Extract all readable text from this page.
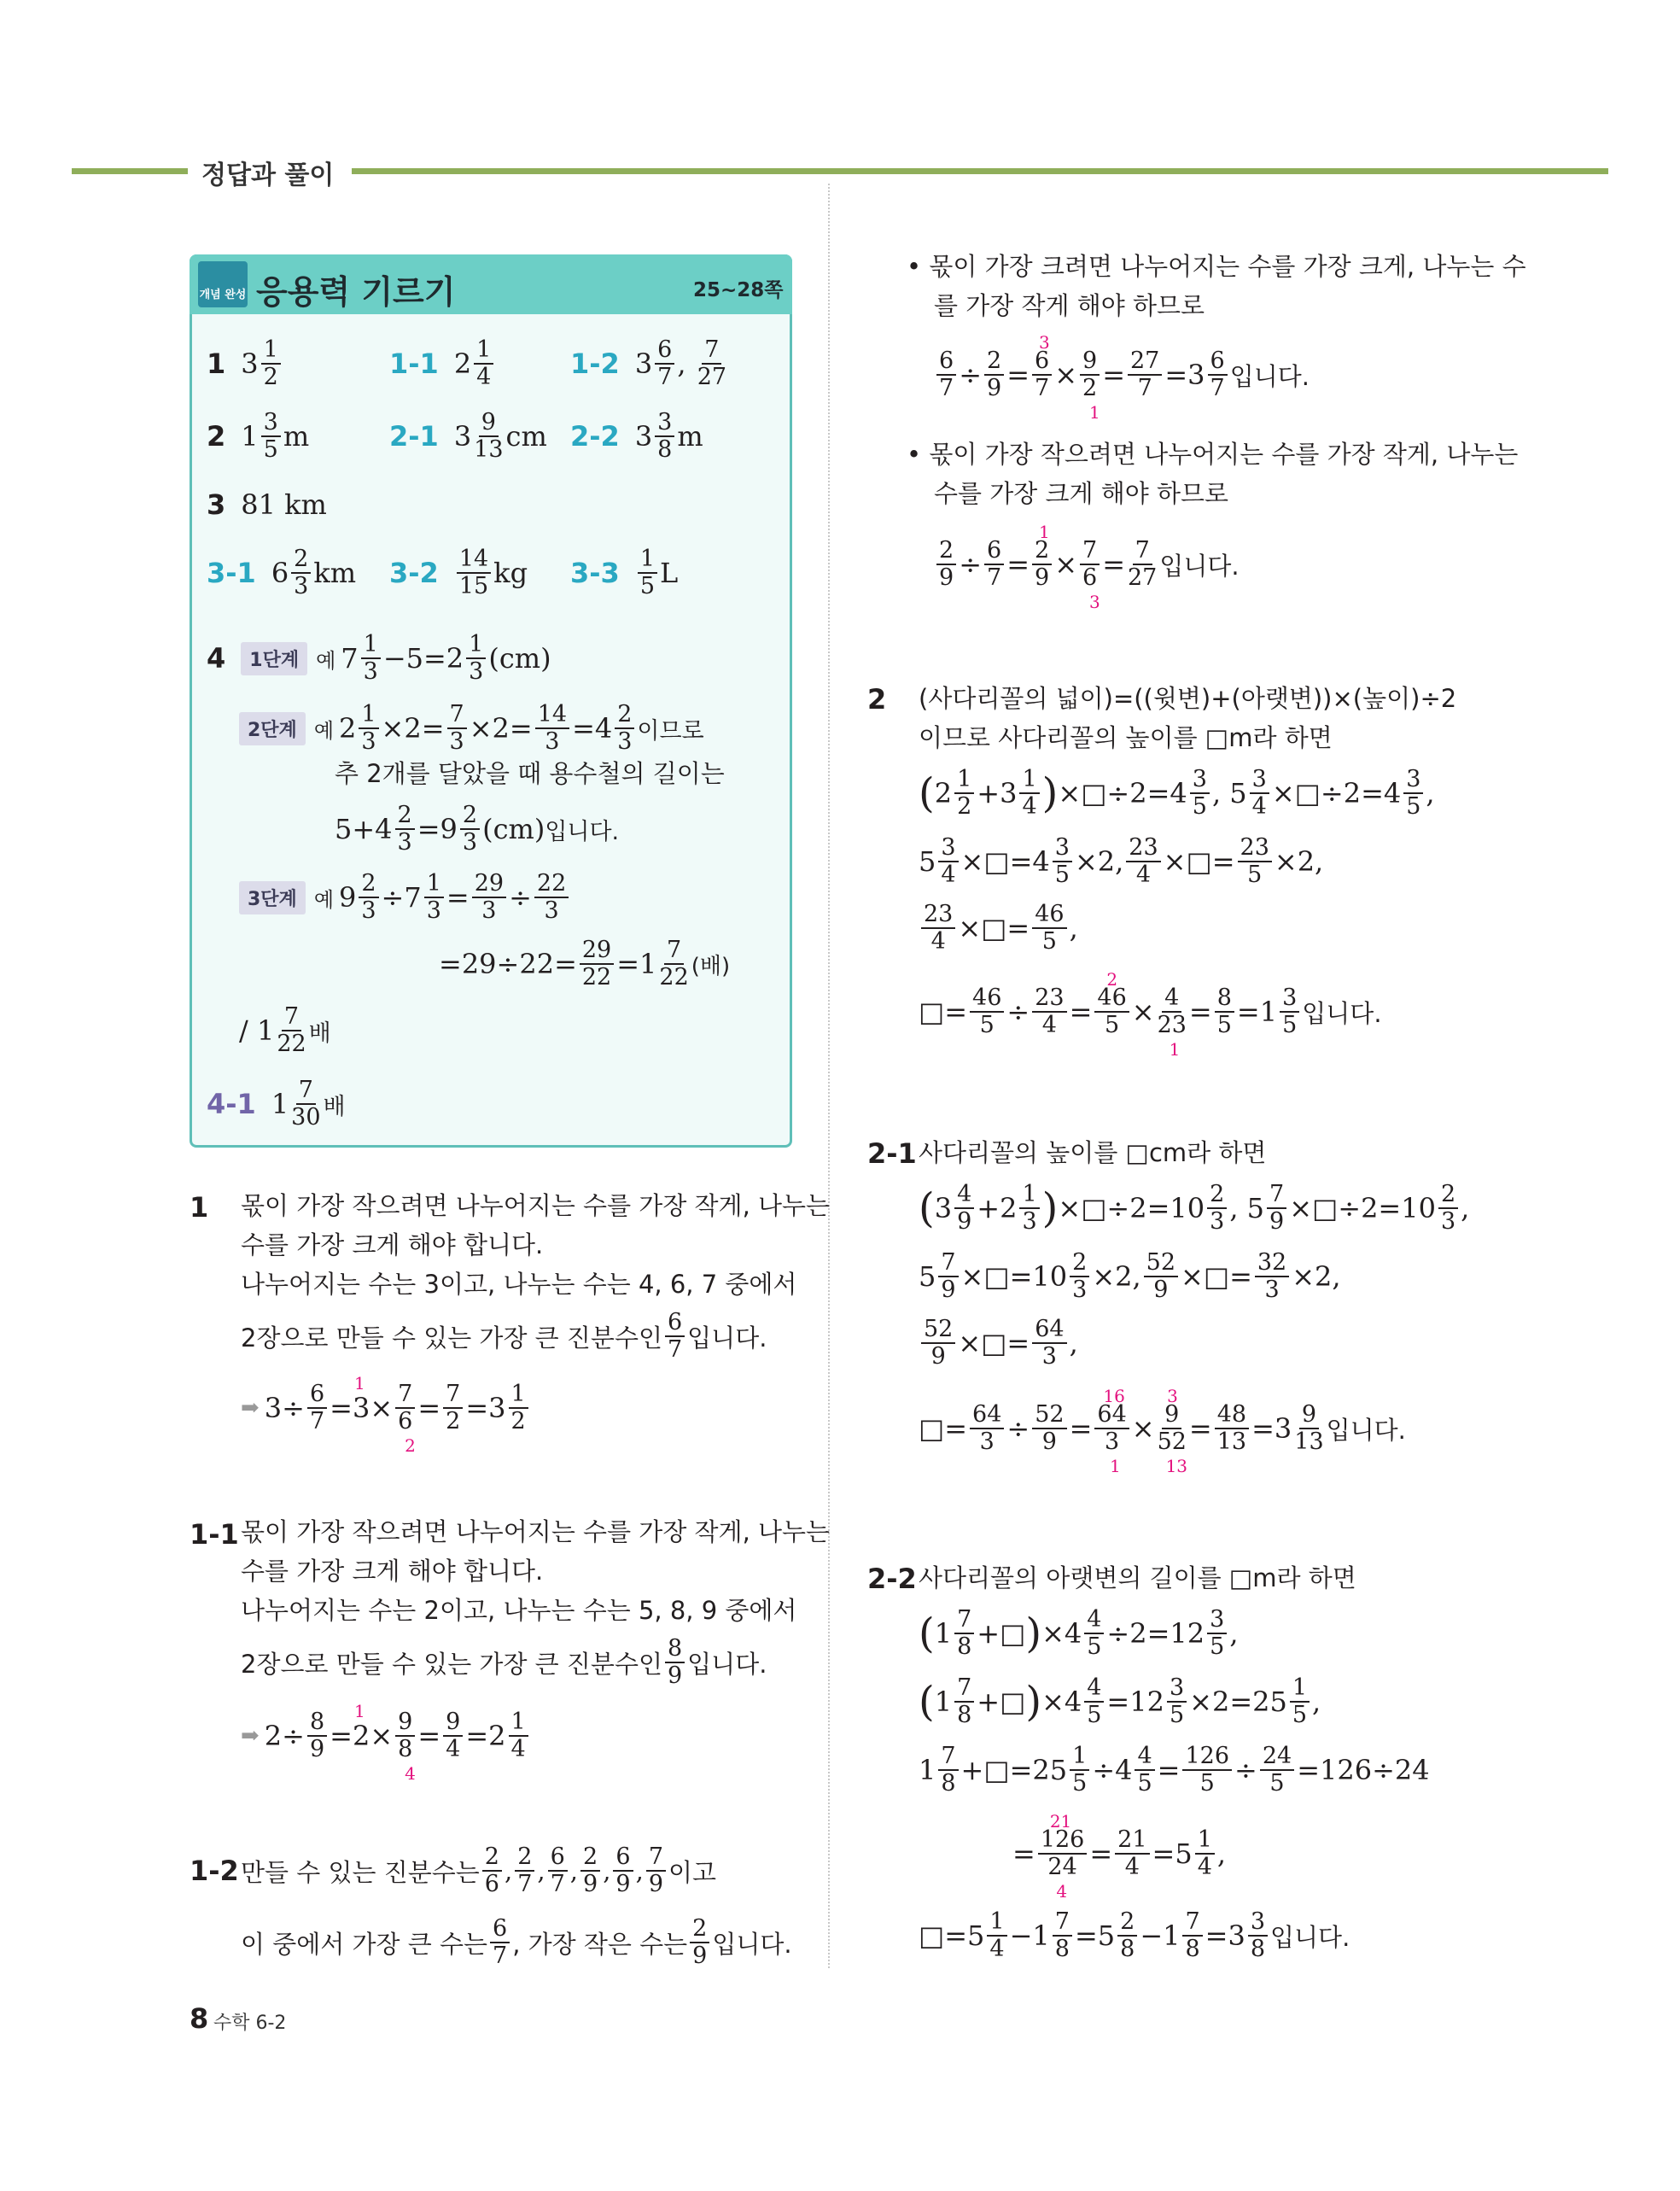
정답과 풀이
개념 완성 응용력 기르기	25~28쪽
1 $3 \frac{1}{2}$	1-1 $2 \frac{1}{4}$	1-2 $3 \frac{6}{7}$ , $\frac{7}{27}$
2 $1 \frac{3}{5}$ m	2-1 $3 \frac{9}{13}$ cm 2-2 $3 \frac{3}{8}$ m
3 81 km
3-1 $6 \frac{2}{3}$ km $3-2 \frac{14}{15}$ kg $3-3 \frac{1}{5}$ L
4	1단계 예 $7 \frac{1}{3} -5=2 \frac{1}{3} (cm)$
2단계 예 $2 \frac{1}{3} \times 2= \frac{7}{3} \times 2= \frac{14}{3} =4 \frac{2}{3}$ 이므로
추 2개를 달았을 때 용수철의 길이는
$5+4 \frac{2}{3} =9 \frac{2}{3} (cm)$ 입니다.
3단계 예 $9 \frac{2}{3} \div 7 \frac{1}{3} = \frac{29}{3} \div \frac{22}{3}$
$=29\div 22= \frac{29}{22} =1 \frac{7}{22}$ (배)
/ $1 \frac{7}{22}$ 배
4-1 $1 \frac{7}{30}$ 배
1 몫이 가장 작으려면 나누어지는 수를 가장 작게, 나누는
수를 가장 크게 해야 합니다.
나누어지는 수는 3이고, 나누는 수는 4, 6, 7 중에서
2장으로 만들 수 있는 가장 큰 진분수인 $\frac{6}{7}$ 입니다.
➡ $3\div \frac{6}{7} = 3$
1
× 7
6
$2 = \frac{7}{2} =3 \frac{1}{2}$
1-1 몫이 가장 작으려면 나누어지는 수를 가장 작게, 나누는
수를 가장 크게 해야 합니다.
나누어지는 수는 2이고, 나누는 수는 5, 8, 9 중에서
2장으로 만들 수 있는 가장 큰 진분수인 $\frac{8}{9}$ 입니다.
➡ $2\div \frac{8}{9} = 2$
1
× 9
8
$4 = \frac{9}{4} =2 \frac{1}{4}$
1-2 만들 수 있는 진분수는 $\frac{2}{6}$ , $\frac{2}{7}$ , $\frac{6}{7}$ , $\frac{2}{9}$ , $\frac{6}{9}$ , $\frac{7}{9}$ 이고
이 중에서 가장 큰 수는 $\frac{6}{7}$ , 가장 작은 수는 $\frac{2}{9}$ 입니다.
• 몫이 가장 크려면 나누어지는 수를 가장 크게, 나누는 수
를 가장 작게 해야 하므로
$\frac{6}{7} \div \frac{2}{9} = 6$
3
7 × 9
2
$1 = \frac{27}{7} =3 \frac{6}{7}$ 입니다.
• 몫이 가장 작으려면 나누어지는 수를 가장 작게, 나누는
수를 가장 크게 해야 하므로
$\frac{2}{9} \div \frac{6}{7} = 2$
1
9 × 7
6
$3 = \frac{7}{27}$ 입니다.
2 (사다리꼴의 넓이)=((윗변)+(아랫변))×(높이)÷2
이므로 사다리꼴의 높이를 □m라 하면
( $2 \frac{1}{2} +3 \frac{1}{4}$ ) ×□÷2=4 $\frac{3}{5}$ , $5 \frac{3}{4}$ ×□÷2=4 $\frac{3}{5}$ ,
$5 \frac{3}{4}$ ×□=4 $\frac{3}{5} \times 2$, $\frac{23}{4}$ ×□= $\frac{23}{5} \times 2$,
$\frac{23}{4}$ ×□= $\frac{46}{5}$ ,
□= $\frac{46}{5} \div \frac{23}{4} = 46$
2
5 × 4
23
$1 = \frac{8}{5} =1 \frac{3}{5}$ 입니다.
2-1 사다리꼴의 높이를 □cm라 하면
( $3 \frac{4}{9} +2 \frac{1}{3}$ ) ×□÷2=10 $\frac{2}{3}$ , $5 \frac{7}{9}$ ×□÷2=10 $\frac{2}{3}$ ,
$5 \frac{7}{9}$ ×□=10 $\frac{2}{3} \times 2$, $\frac{52}{9}$ ×□= $\frac{32}{3} \times 2$,
$\frac{52}{9}$ ×□= $\frac{64}{3}$ ,
□= $\frac{64}{3} \div \frac{52}{9} = 64$
16
3
1 × 9
3
52
$13 = \frac{48}{13} =3 \frac{9}{13}$ 입니다.
2-2 사다리꼴의 아랫변의 길이를 □m라 하면
( $1 \frac{7}{8}$ +□ ) $\times 4 \frac{4}{5} \div 2=12 \frac{3}{5}$ ,
( $1 \frac{7}{8}$ +□ ) $\times 4 \frac{4}{5} =12 \frac{3}{5} \times 2=25 \frac{1}{5}$ ,
$1 \frac{7}{8}$ +□=25 $\frac{1}{5} \div 4 \frac{4}{5} = \frac{126}{5} \div \frac{24}{5} =126\div 24$
= 126
21
24
$4 = \frac{21}{4} =5 \frac{1}{4}$ ,
□=5 $\frac{1}{4} -1 \frac{7}{8} =5 \frac{2}{8} -1 \frac{7}{8} =3 \frac{3}{8}$ 입니다.
8 수학 6-2
